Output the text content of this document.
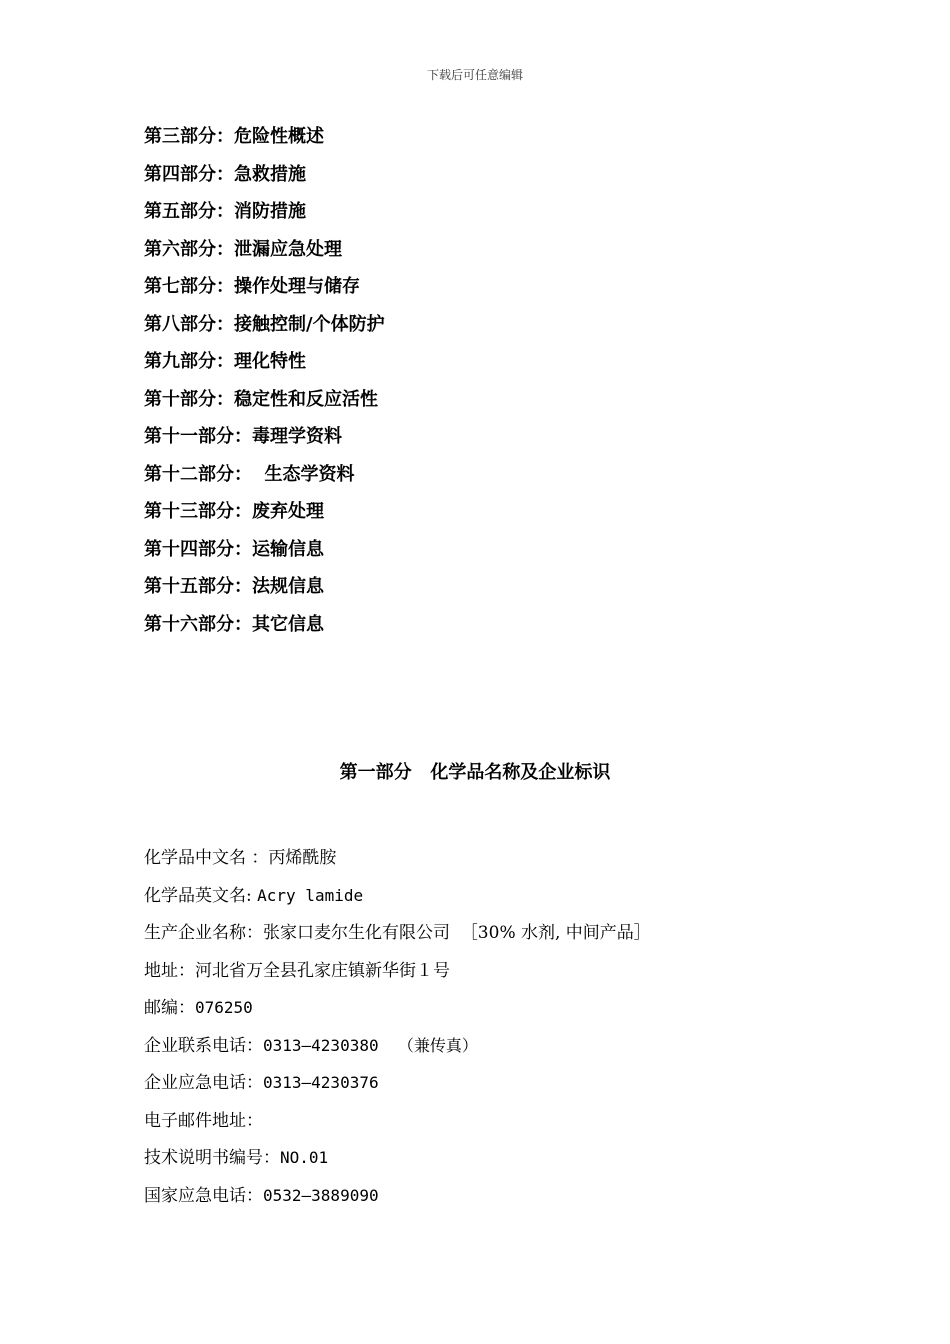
下载后可任意编辑
第三部分：危险性概述
第四部分：急救措施
第五部分：消防措施
第六部分：泄漏应急处理
第七部分：操作处理与储存
第八部分：接触控制/个体防护
第九部分：理化特性
第十部分：稳定性和反应活性
第十一部分：毒理学资料
第十二部分：  生态学资料
第十三部分：废弃处理
第十四部分：运输信息
第十五部分：法规信息
第十六部分：其它信息
第一部分   化学品名称及企业标识
化学品中文名 ：丙烯酰胺
化学品英文名: Acry lamide
生产企业名称：张家口麦尔生化有限公司  ［30% 水剂, 中间产品］
地址：河北省万全县孔家庄镇新华街１号
邮编：076250
企业联系电话：0313—4230380  （兼传真）
企业应急电话：0313—4230376
电子邮件地址：
技术说明书编号：NO.01
国家应急电话：0532—3889090
